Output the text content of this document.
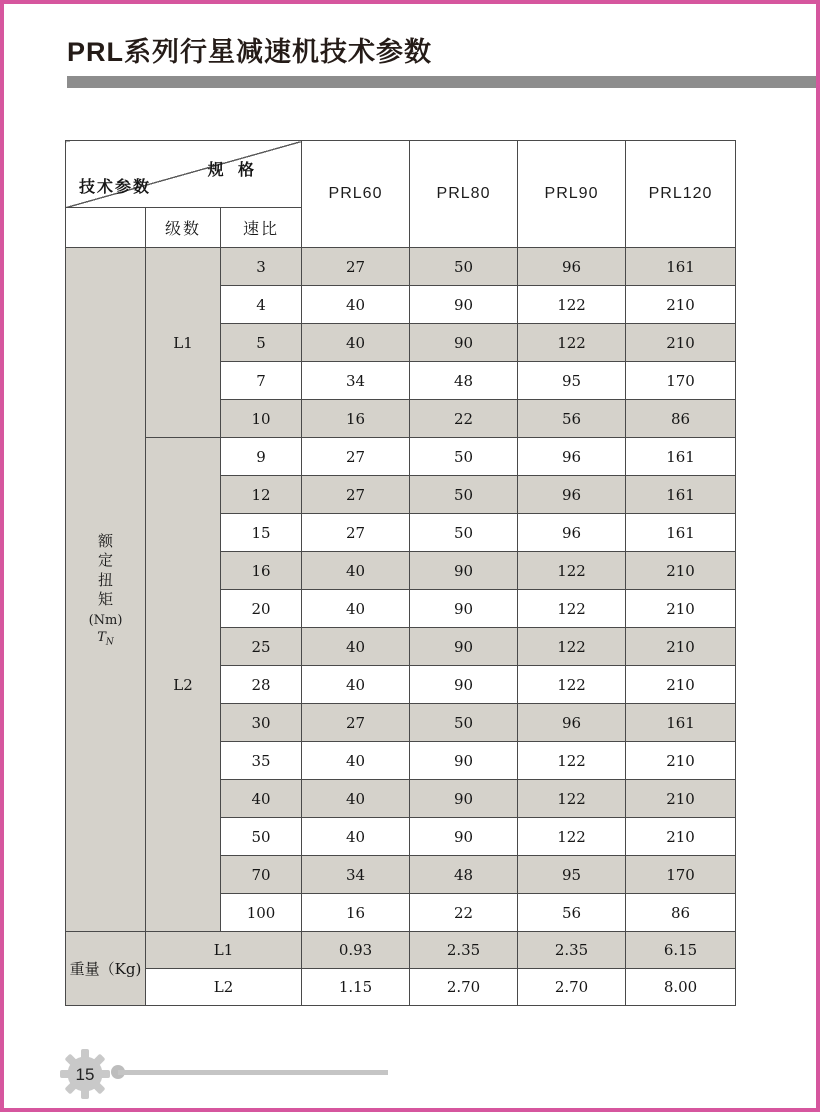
PRL系列行星减速机技术参数
规 格
技术参数			PRL60	PRL80	PRL90	PRL120
	级数	速比				

额
定
扭
矩
(Nm)
$T_N$
	L1	3	27	50	96	161
		4	40	90	122	210
		5	40	90	122	210
		7	34	48	95	170
		10	16	22	56	86
	L2	9	27	50	96	161
		12	27	50	96	161
		15	27	50	96	161
		16	40	90	122	210
		20	40	90	122	210
		25	40	90	122	210
		28	40	90	122	210
		30	27	50	96	161
		35	40	90	122	210
		40	40	90	122	210
		50	40	90	122	210
		70	34	48	95	170
		100	16	22	56	86
重量（Kg)	L1		0.93	2.35	2.35	6.15
	L2		1.15	2.70	2.70	8.00
15
